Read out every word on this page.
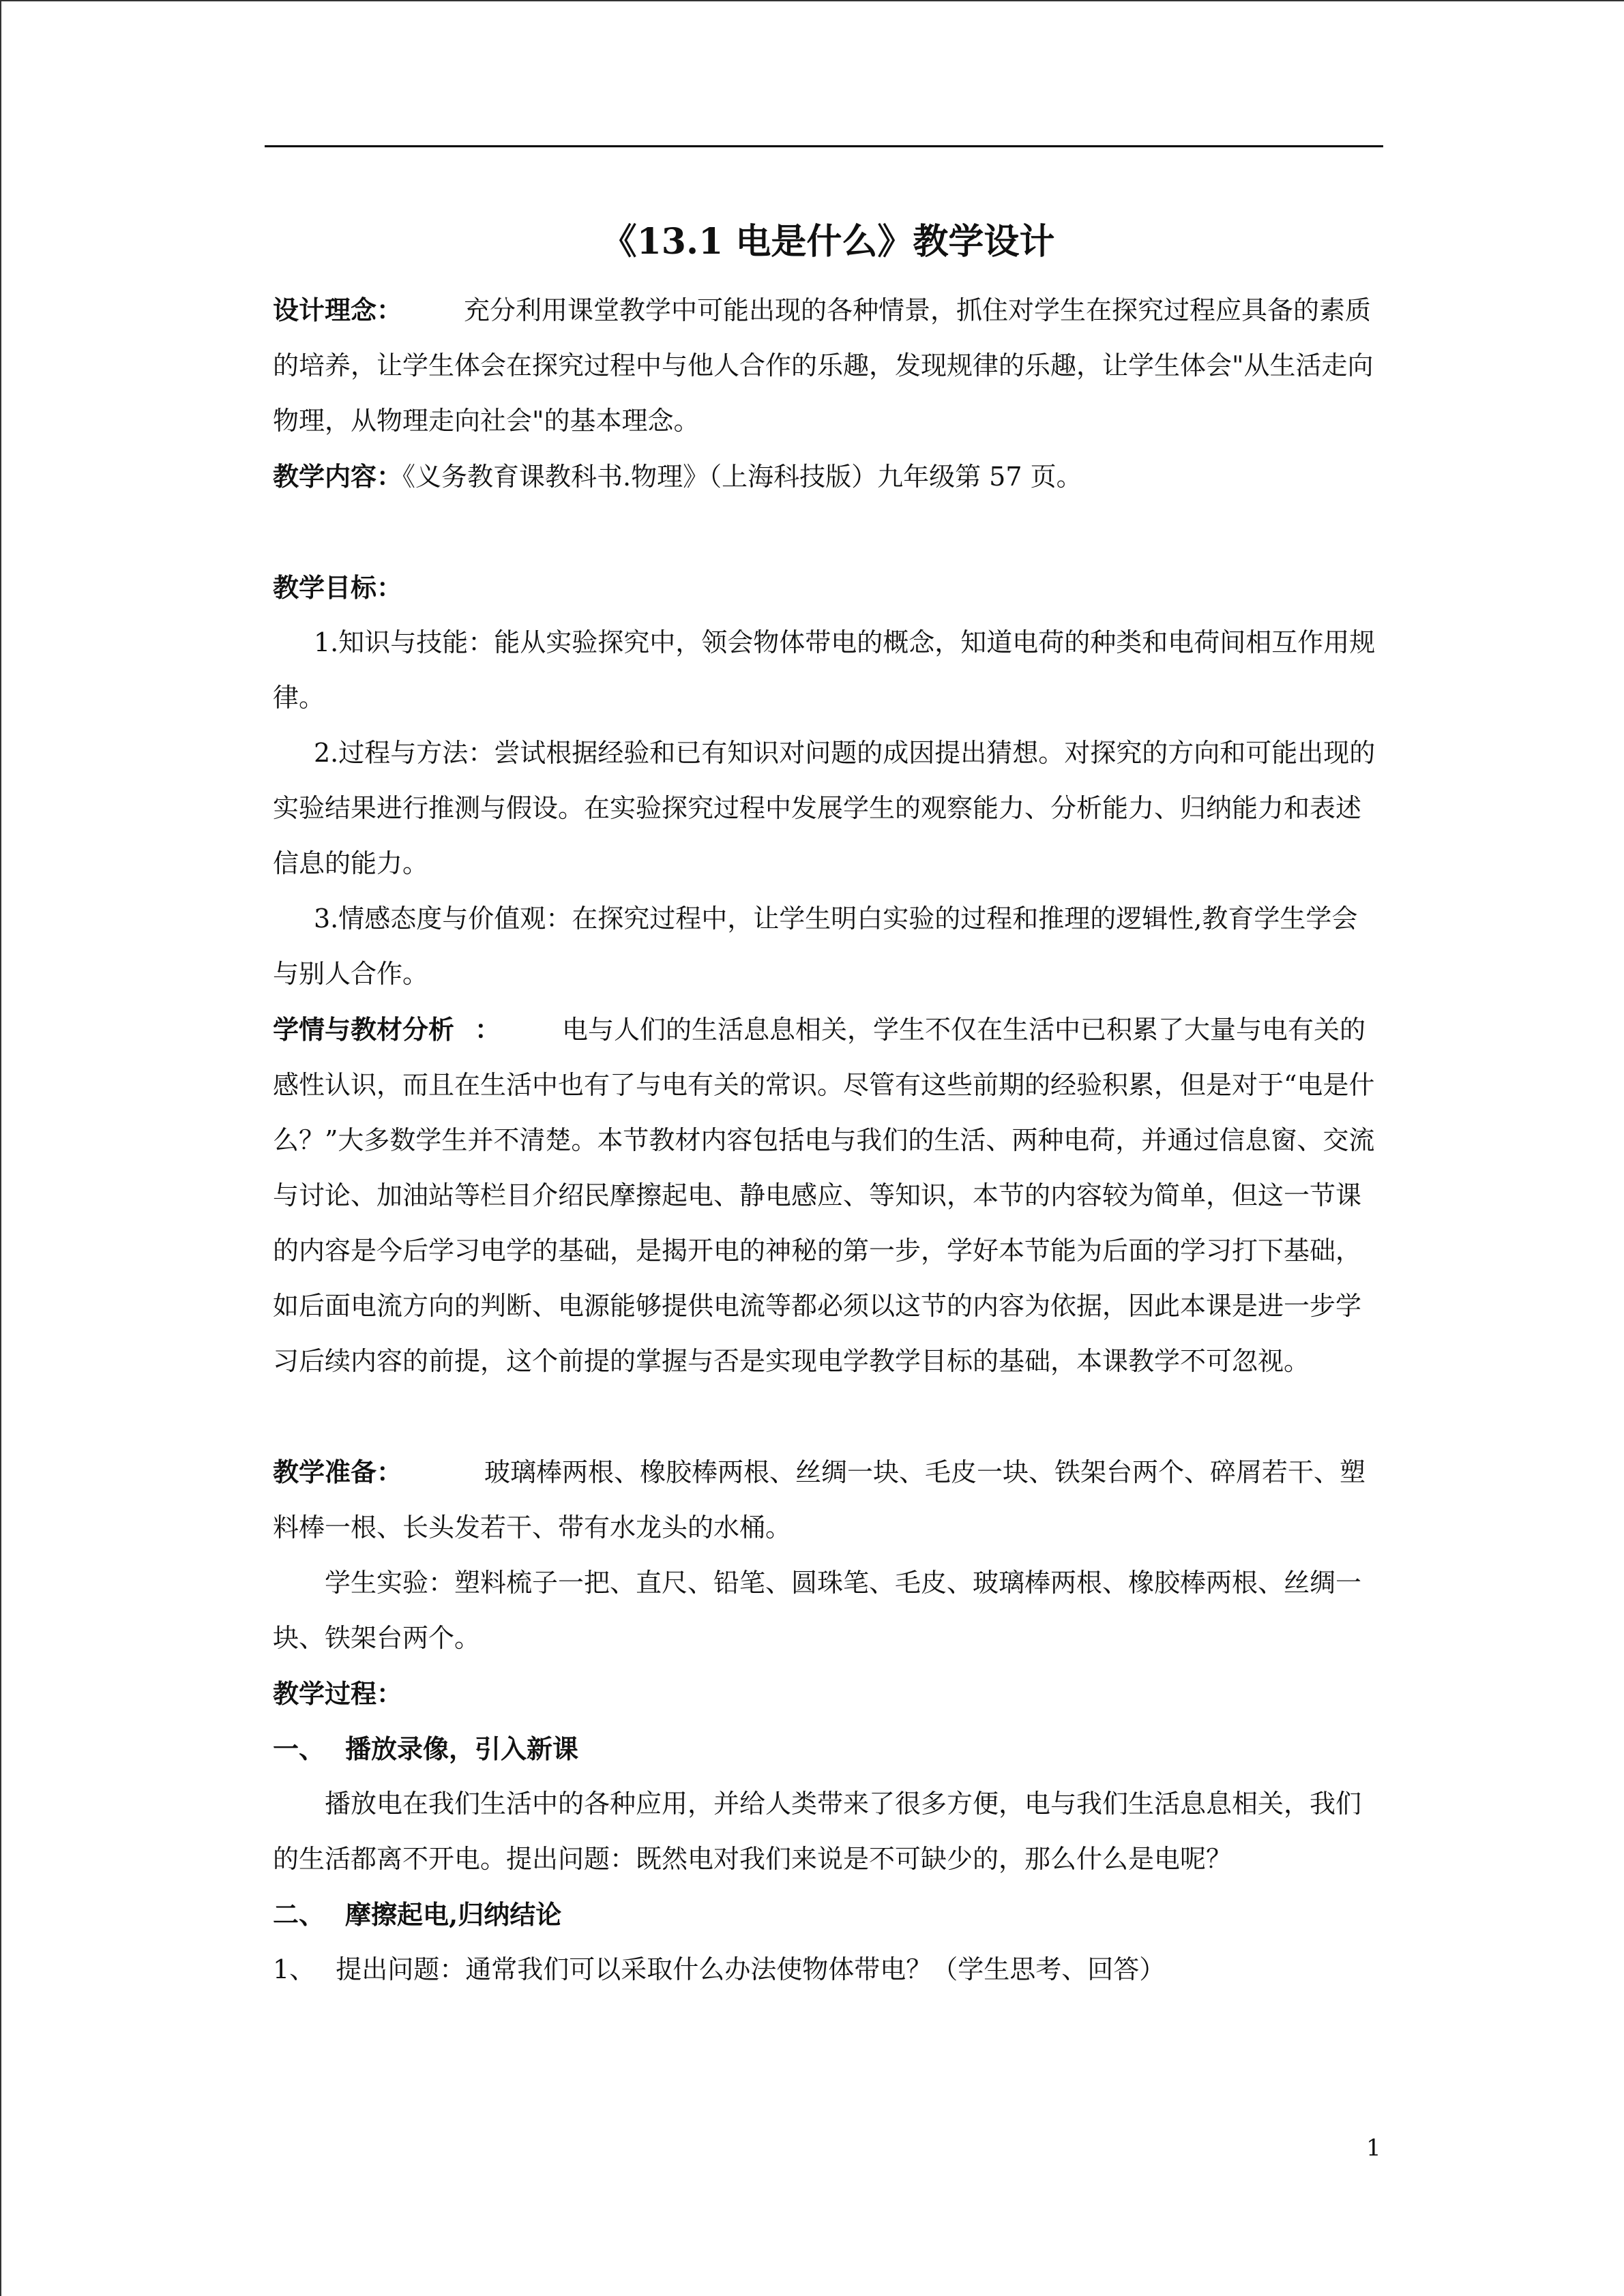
《13.1 电是什么》教学设计

设计理念： 充分利用课堂教学中可能出现的各种情景，抓住对学生在探究过程应具备的素质的培养，让学生体会在探究过程中与他人合作的乐趣，发现规律的乐趣，让学生体会"从生活走向物理，从物理走向社会"的基本理念。

教学内容：《义务教育课教科书.物理》（上海科技版）九年级第 57 页。

教学目标：

1.知识与技能：能从实验探究中，领会物体带电的概念，知道电荷的种类和电荷间相互作用规律。

2.过程与方法：尝试根据经验和已有知识对问题的成因提出猜想。对探究的方向和可能出现的实验结果进行推测与假设。在实验探究过程中发展学生的观察能力、分析能力、归纳能力和表述信息的能力。

3.情感态度与价值观：在探究过程中，让学生明白实验的过程和推理的逻辑性,教育学生学会与别人合作。

学情与教材分析 ： 电与人们的生活息息相关，学生不仅在生活中已积累了大量与电有关的感性认识，而且在生活中也有了与电有关的常识。尽管有这些前期的经验积累，但是对于“电是什么？”大多数学生并不清楚。本节教材内容包括电与我们的生活、两种电荷，并通过信息窗、交流与讨论、加油站等栏目介绍民摩擦起电、静电感应、等知识，本节的内容较为简单，但这一节课的内容是今后学习电学的基础，是揭开电的神秘的第一步，学好本节能为后面的学习打下基础，如后面电流方向的判断、电源能够提供电流等都必须以这节的内容为依据，因此本课是进一步学习后续内容的前提，这个前提的掌握与否是实现电学教学目标的基础，本课教学不可忽视。

教学准备：	玻璃棒两根、橡胶棒两根、丝绸一块、毛皮一块、铁架台两个、碎屑若干、塑料棒一根、长头发若干、带有水龙头的水桶。

学生实验：塑料梳子一把、直尺、铅笔、圆珠笔、毛皮、玻璃棒两根、橡胶棒两根、丝绸一块、铁架台两个。

教学过程：

一、 播放录像，引入新课

播放电在我们生活中的各种应用，并给人类带来了很多方便，电与我们生活息息相关，我们的生活都离不开电。提出问题：既然电对我们来说是不可缺少的，那么什么是电呢？

二、 摩擦起电,归纳结论

1、 提出问题：通常我们可以采取什么办法使物体带电？（学生思考、回答）

1
